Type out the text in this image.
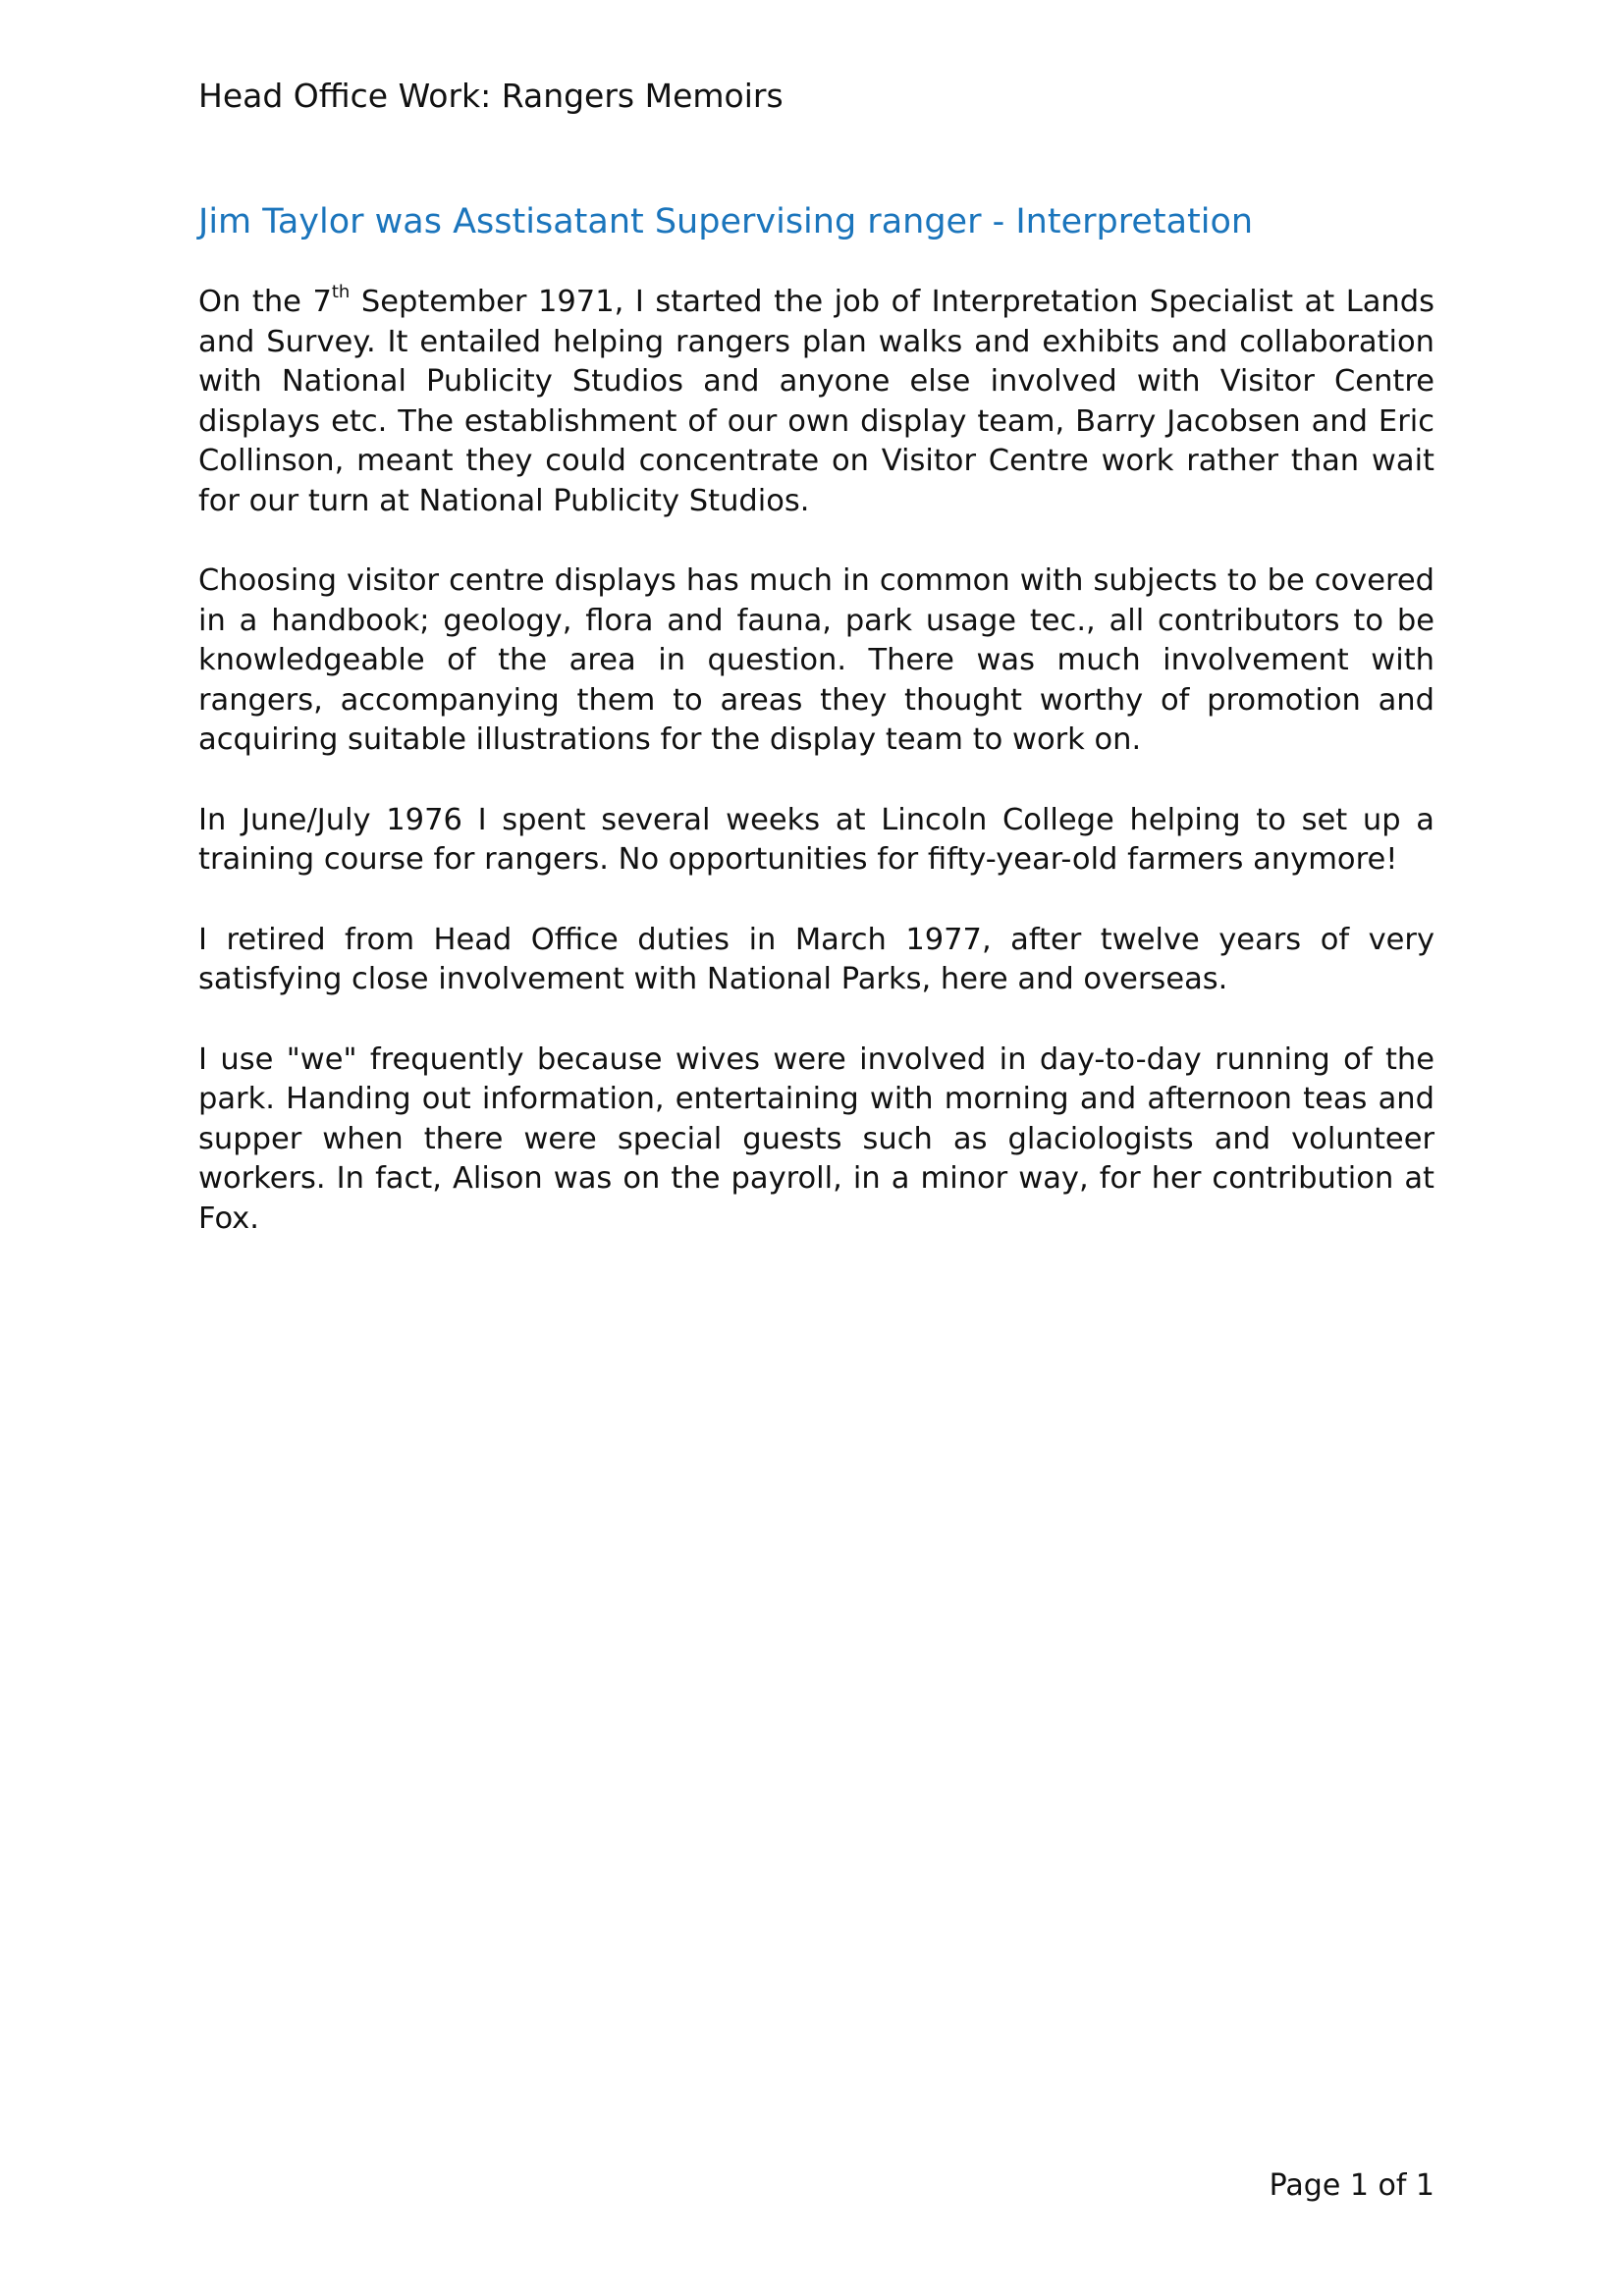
Head Office Work: Rangers Memoirs
Jim Taylor was Asstisatant Supervising ranger - Interpretation

On the 7th September 1971, I started the job of Interpretation Specialist at Lands and Survey. It entailed helping rangers plan walks and exhibits and collaboration with National Publicity Studios and anyone else involved with Visitor Centre displays etc. The establishment of our own display team, Barry Jacobsen and Eric Collinson, meant they could concentrate on Visitor Centre work rather than wait for our turn at National Publicity Studios.

Choosing visitor centre displays has much in common with subjects to be covered in a handbook; geology, flora and fauna, park usage tec., all contributors to be knowledgeable of the area in question. There was much involvement with rangers, accompanying them to areas they thought worthy of promotion and acquiring suitable illustrations for the display team to work on.

In June/July 1976 I spent several weeks at Lincoln College helping to set up a training course for rangers. No opportunities for fifty-year-old farmers anymore!

I retired from Head Office duties in March 1977, after twelve years of very satisfying close involvement with National Parks, here and overseas.

I use "we" frequently because wives were involved in day-to-day running of the park. Handing out information, entertaining with morning and afternoon teas and supper when there were special guests such as glaciologists and volunteer workers. In fact, Alison was on the payroll, in a minor way, for her contribution at Fox.

Page 1 of 1
